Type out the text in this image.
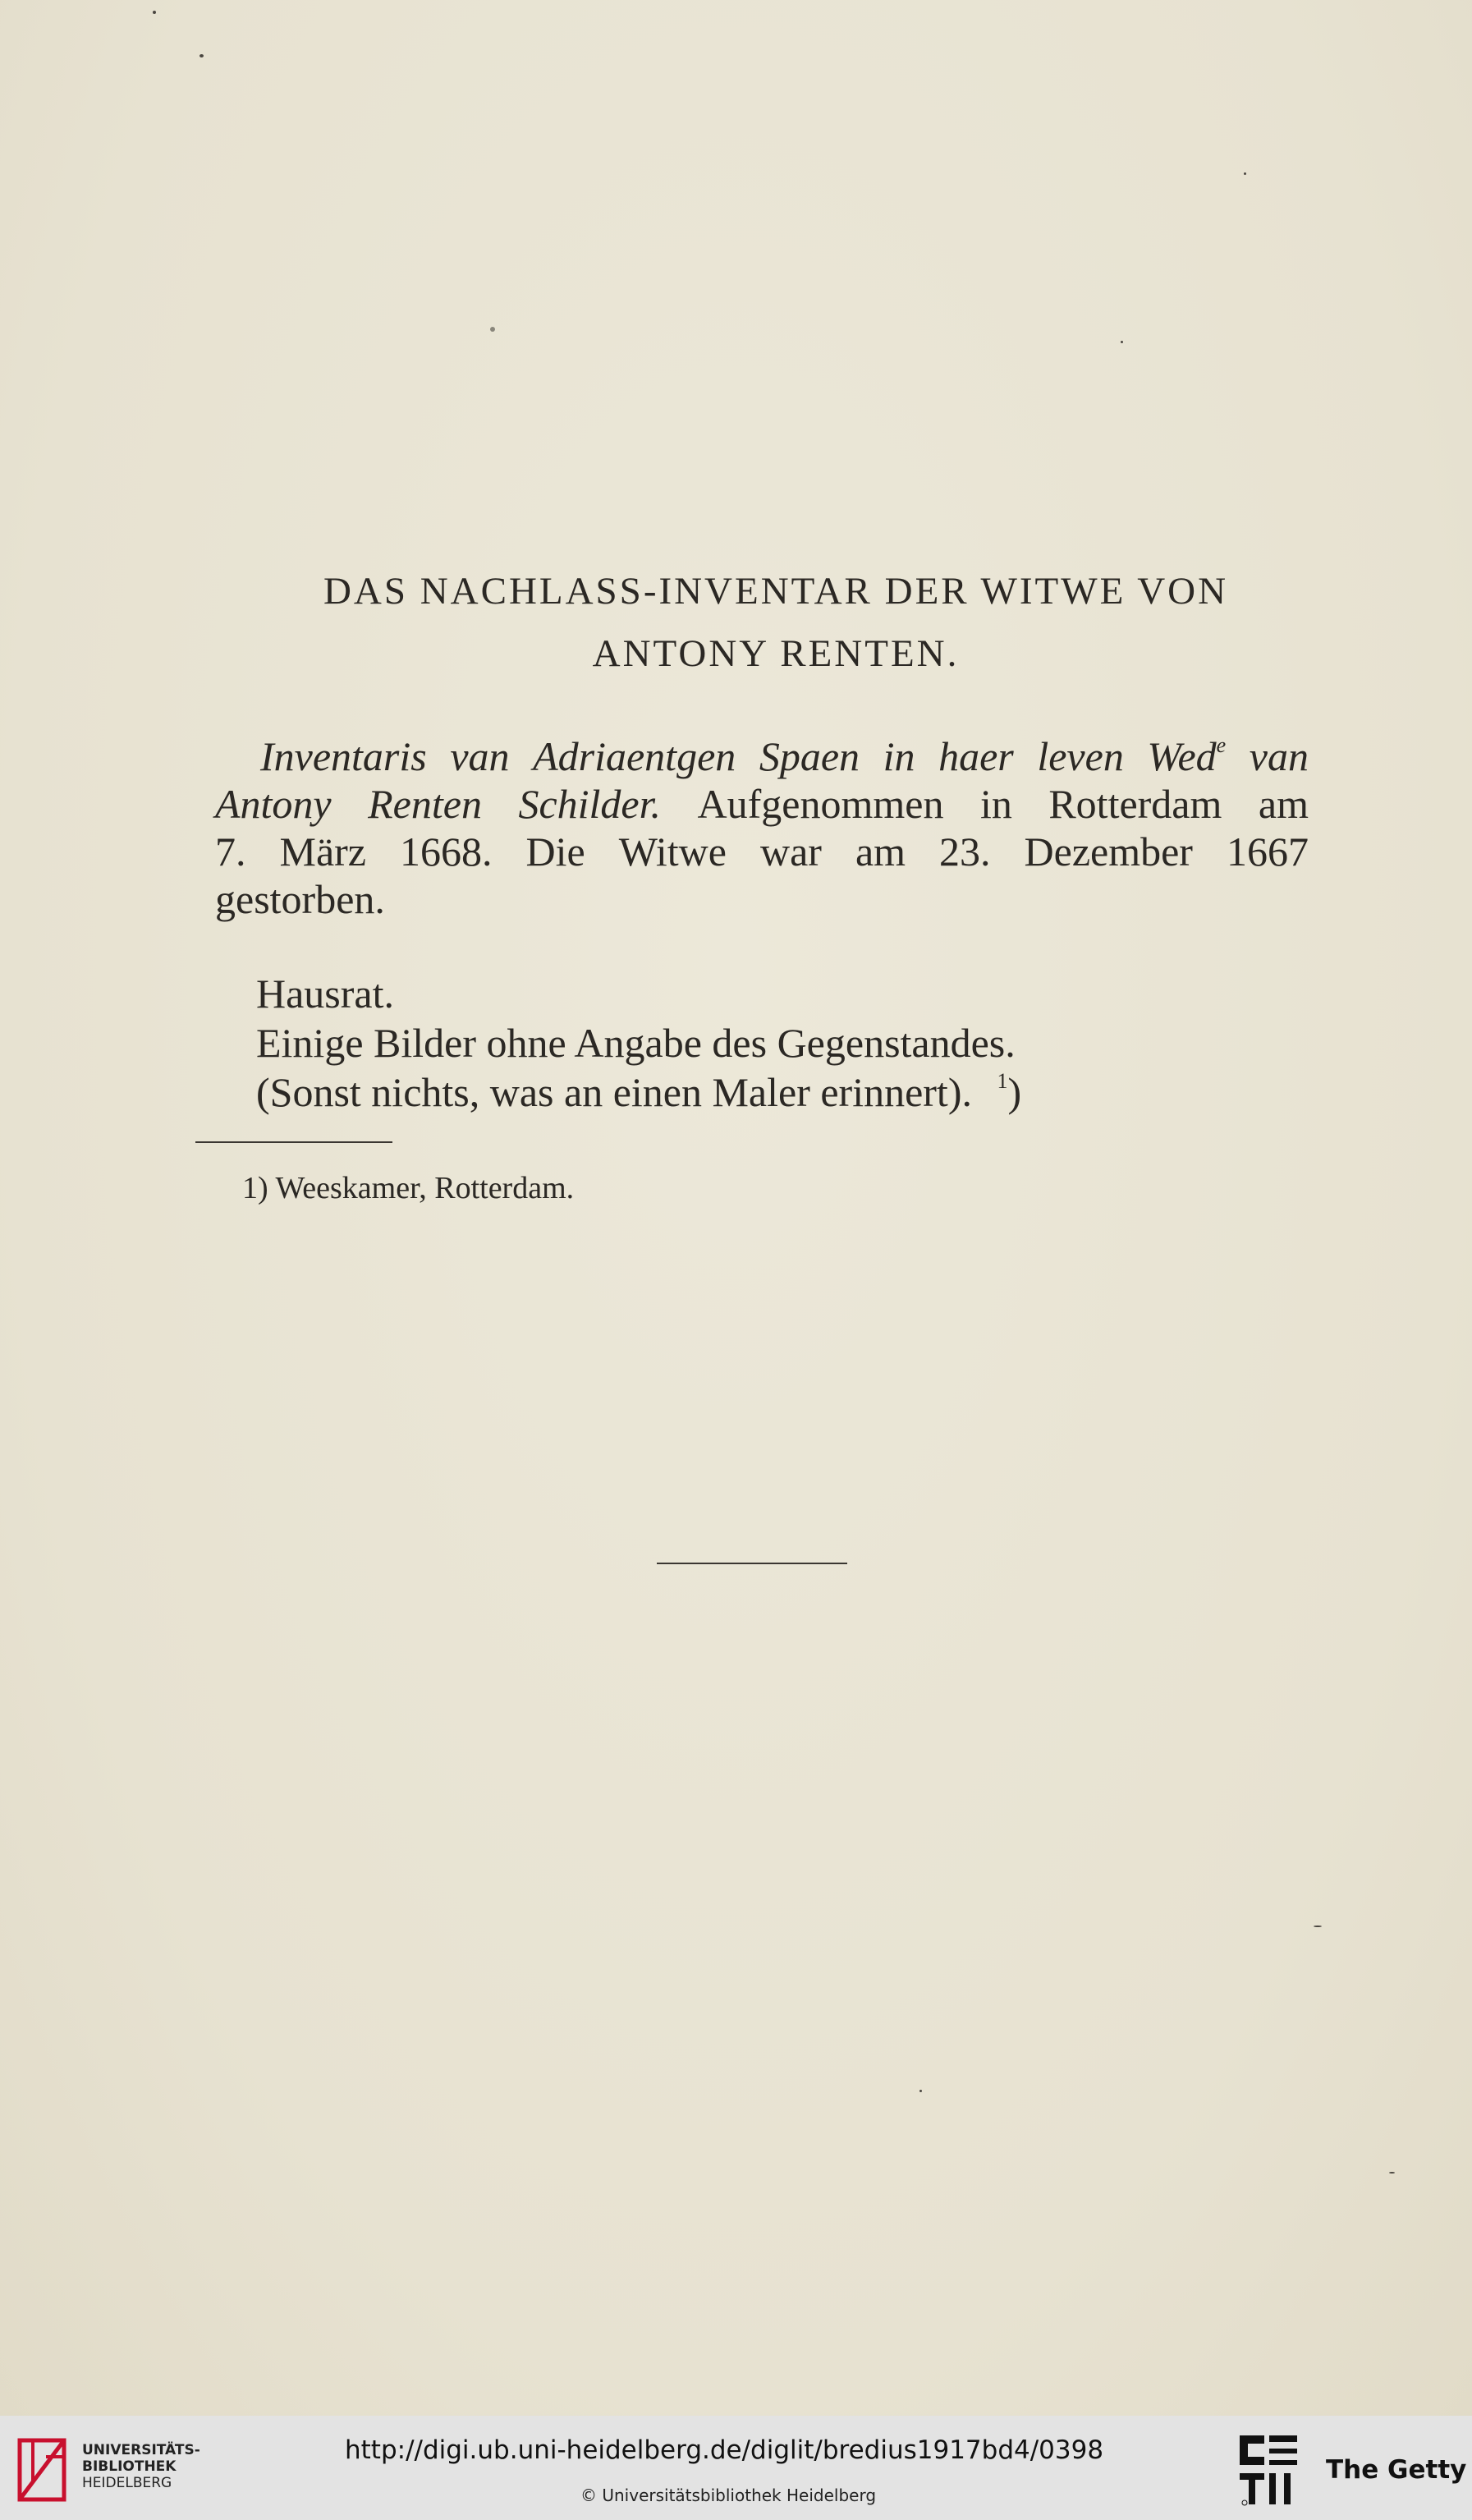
DAS NACHLASS-INVENTAR DER WITWE VON
ANTONY RENTEN.
Inventaris van Adriaentgen Spaen in haer leven Wed$^e$ van
Antony Renten Schilder. Aufgenommen in Rotterdam am
7. März 1668. Die Witwe war am 23. Dezember 1667
gestorben.
Hausrat.
Einige Bilder ohne Angabe des Gegenstandes.
(Sonst nichts, was an einen Maler erinnert). $^1$)
1) Weeskamer, Rotterdam.
UNIVERSITÄTS-
BIBLIOTHEK
HEIDELBERG
http://digi.ub.uni-heidelberg.de/diglit/bredius1917bd4/0398
© Universitätsbibliothek Heidelberg
The Getty
